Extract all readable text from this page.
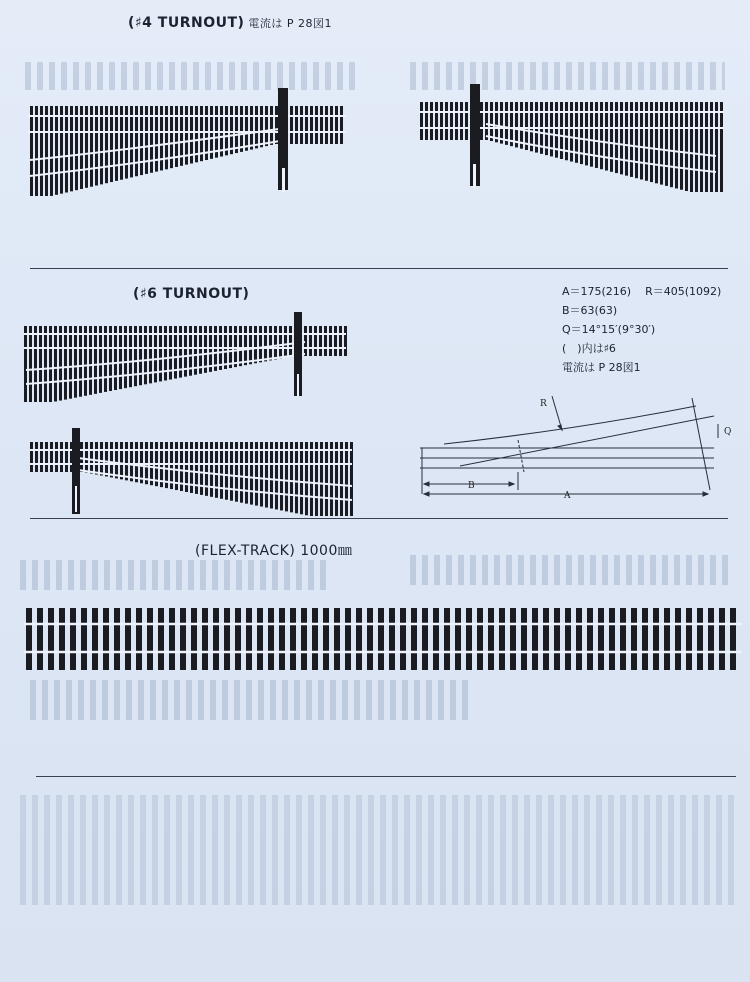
(♯4 TURNOUT) 電流は P 28図1
(♯6 TURNOUT)	A＝175(216) R＝405(1092)
B＝63(63)
Q＝14°15′(9°30′)
(　)内は♯6
電流は P 28図1
R
B
A
Q
(FLEX-TRACK) 1000㎜
